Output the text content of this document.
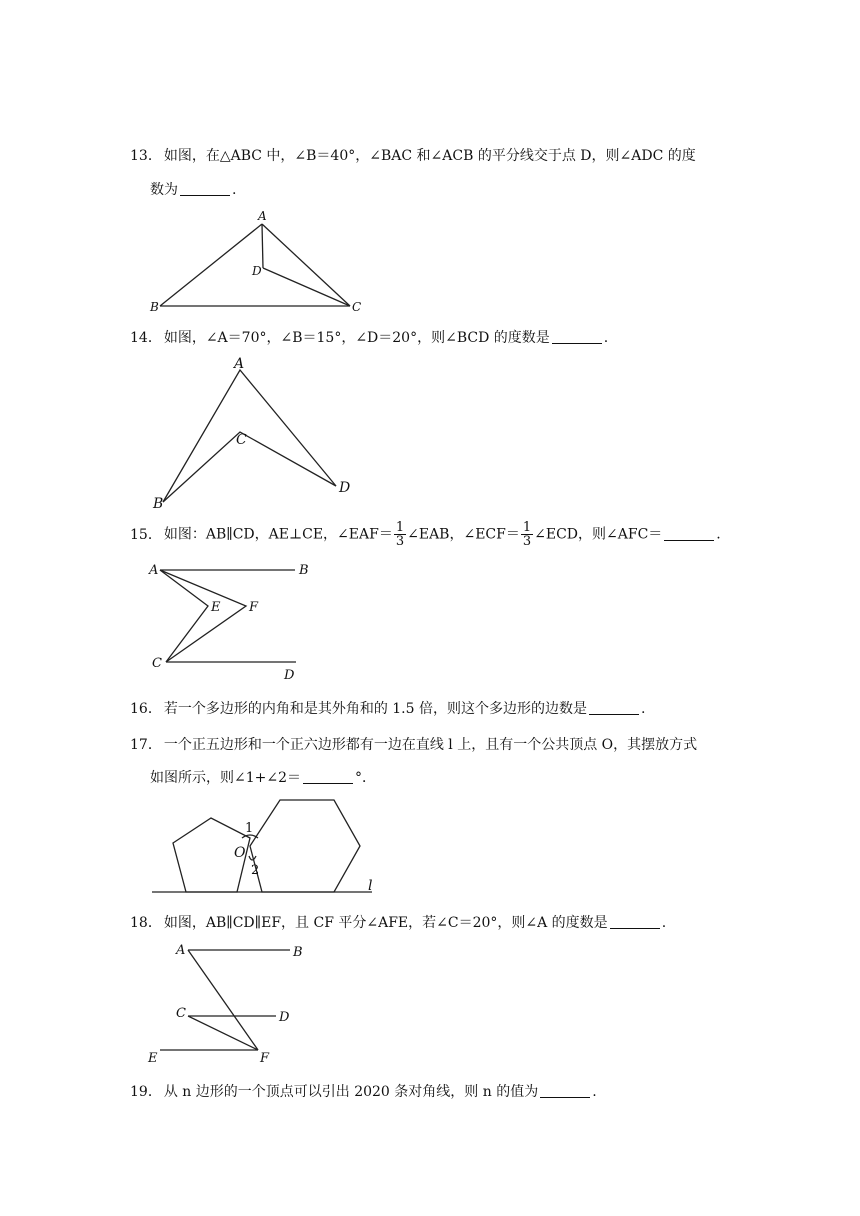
13． 如图，在△ABC 中，∠B＝40°，∠BAC 和∠ACB 的平分线交于点 D，则∠ADC 的度
数为	.
A
B	C
D
14． 如图，∠A＝70°，∠B＝15°，∠D＝20°，则∠BCD 的度数是	.
A
B
C
D
15． 如图：AB∥CD，AE⊥CE，∠EAF＝ $\frac{1}{3}$ ∠EAB，∠ECF＝ $\frac{1}{3}$ ∠ECD，则∠AFC＝	.
A	B
E F
C
D
16． 若一个多边形的内角和是其外角和的 1.5 倍，则这个多边形的边数是	.
17． 一个正五边形和一个正六边形都有一边在直线 l 上，且有一个公共顶点 O，其摆放方式
如图所示，则∠1+∠2＝	°．
1
O
2
l
18． 如图，AB∥CD∥EF，且 CF 平分∠AFE，若∠C＝20°，则∠A 的度数是	.
A	B
C	D
E	F
19． 从 n 边形的一个顶点可以引出 2020 条对角线，则 n 的值为	.
